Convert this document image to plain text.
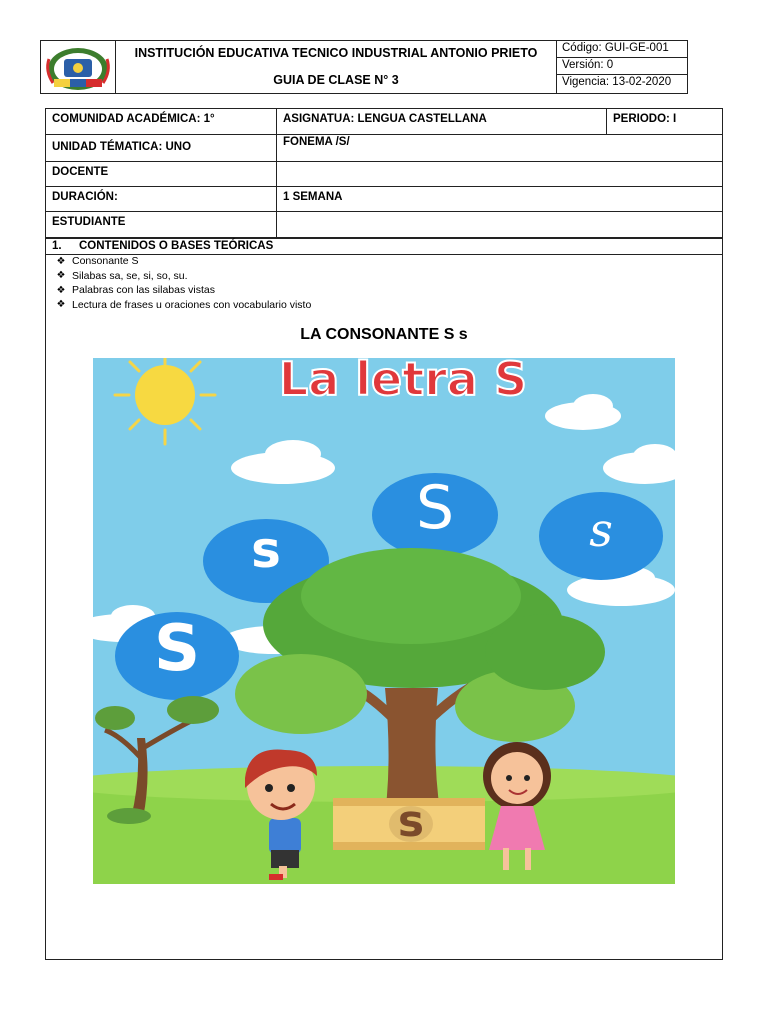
INSTITUCIÓN EDUCATIVA TECNICO INDUSTRIAL ANTONIO PRIETO
GUIA DE CLASE N° 3
Código: GUI-GE-001
Versión: 0
Vigencia: 13-02-2020
COMUNIDAD ACADÉMICA: 1°	ASIGNATUA: LENGUA CASTELLANA	PERIODO: I
UNIDAD TÉMATICA: UNO	FONEMA /S/
DOCENTE
DURACIÓN:	1 SEMANA
ESTUDIANTE
1. CONTENIDOS O BASES TEÓRICAS
❖ Consonante S
❖ Silabas sa, se, si, so, su.
❖ Palabras con las silabas vistas
❖ Lectura de frases u oraciones con vocabulario visto
LA CONSONANTE S s
La letra S
s
S	s
S
s
